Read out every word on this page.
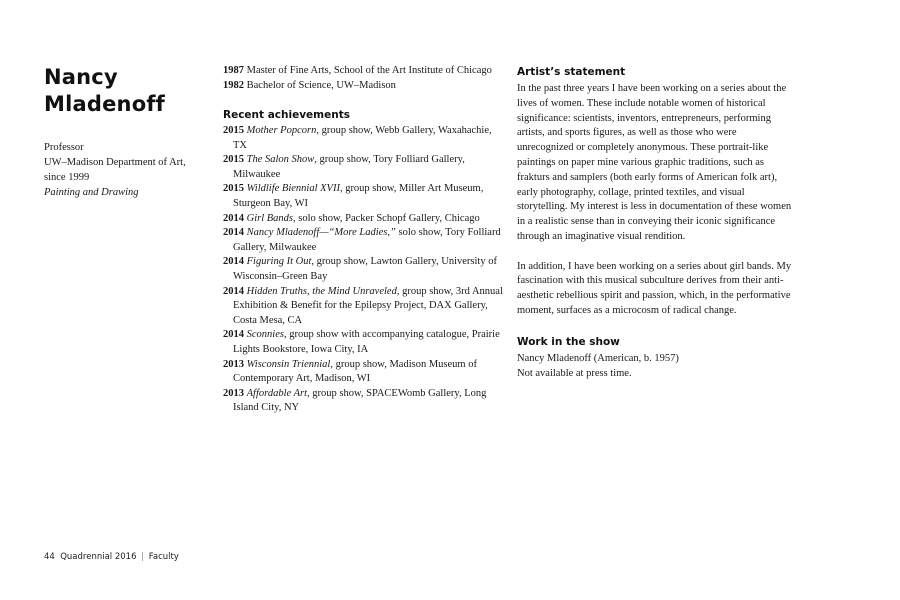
Nancy
Mladenoff
Professor
UW–Madison Department of Art,
since 1999
Painting and Drawing
1987 Master of Fine Arts, School of the Art Institute of Chicago
1982 Bachelor of Science, UW–Madison
Recent achievements
2015 Mother Popcorn, group show, Webb Gallery, Waxahachie, TX
2015 The Salon Show, group show, Tory Folliard Gallery, Milwaukee
2015 Wildlife Biennial XVII, group show, Miller Art Museum, Sturgeon Bay, WI
2014 Girl Bands, solo show, Packer Schopf Gallery, Chicago
2014 Nancy Mladenoff—“More Ladies,” solo show, Tory Folliard Gallery, Milwaukee
2014 Figuring It Out, group show, Lawton Gallery, University of Wisconsin–Green Bay
2014 Hidden Truths, the Mind Unraveled, group show, 3rd Annual Exhibition & Benefit for the Epilepsy Project, DAX Gallery, Costa Mesa, CA
2014 Sconnies, group show with accompanying catalogue, Prairie Lights Bookstore, Iowa City, IA
2013 Wisconsin Triennial, group show, Madison Museum of Contemporary Art, Madison, WI
2013 Affordable Art, group show, SPACEWomb Gallery, Long Island City, NY
Artist’s statement

In the past three years I have been working on a series about the lives of women. These include notable women of historical significance: scientists, inventors, entrepreneurs, performing artists, and sports figures, as well as those who were unrecognized or completely anonymous. These portrait-like paintings on paper mine various graphic traditions, such as frakturs and samplers (both early forms of American folk art), early photography, collage, printed textiles, and visual storytelling. My interest is less in documentation of these women in a realistic sense than in conveying their iconic significance through an imaginative visual rendition.

In addition, I have been working on a series about girl bands. My fascination with this musical subculture derives from their anti-aesthetic rebellious spirit and passion, which, in the performative moment, surfaces as a microcosm of radical change.

Work in the show
Nancy Mladenoff (American, b. 1957)
Not available at press time.
44 Quadrennial 2016 | Faculty
